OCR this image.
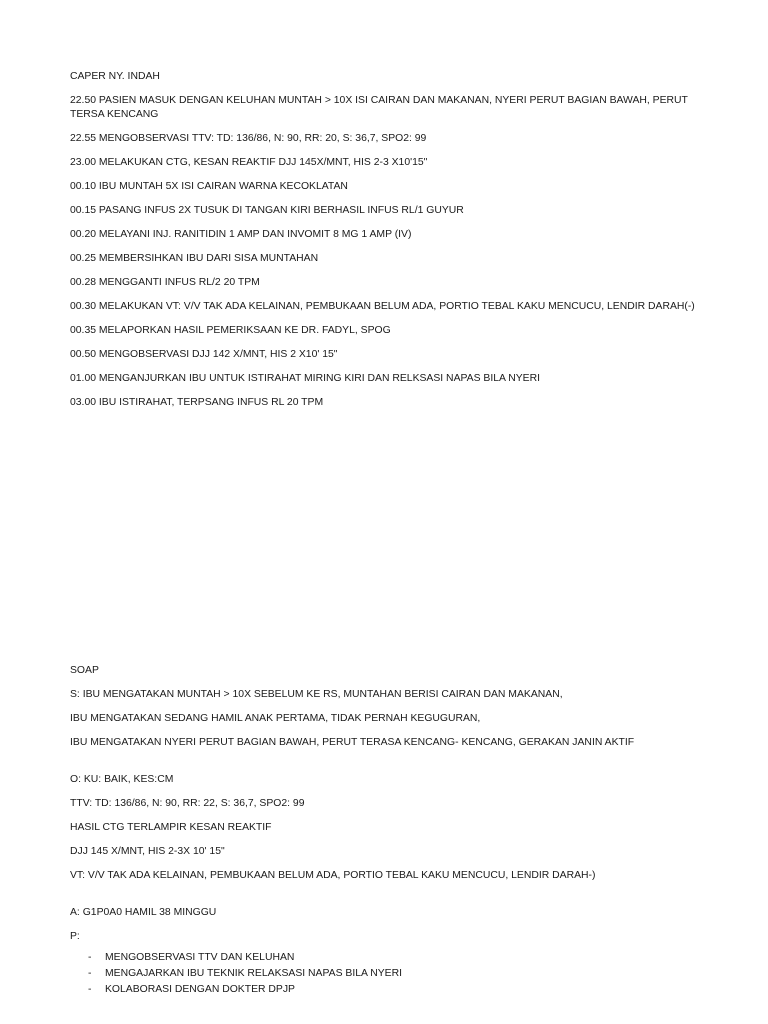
CAPER NY. INDAH

22.50 PASIEN MASUK DENGAN KELUHAN MUNTAH > 10X ISI CAIRAN DAN MAKANAN, NYERI PERUT BAGIAN BAWAH, PERUT TERSA KENCANG

22.55 MENGOBSERVASI TTV: TD: 136/86, N: 90, RR: 20, S: 36,7, SPO2: 99

23.00 MELAKUKAN CTG, KESAN REAKTIF DJJ 145X/MNT, HIS 2-3 X10'15"

00.10 IBU MUNTAH 5X ISI CAIRAN WARNA KECOKLATAN

00.15 PASANG INFUS 2X TUSUK DI TANGAN KIRI BERHASIL INFUS RL/1 GUYUR

00.20 MELAYANI INJ. RANITIDIN 1 AMP DAN INVOMIT 8 MG 1 AMP (IV)

00.25 MEMBERSIHKAN IBU DARI SISA MUNTAHAN

00.28 MENGGANTI INFUS RL/2 20 TPM

00.30 MELAKUKAN VT: V/V TAK ADA KELAINAN, PEMBUKAAN BELUM ADA, PORTIO TEBAL KAKU MENCUCU, LENDIR DARAH(-)

00.35 MELAPORKAN HASIL PEMERIKSAAN KE DR. FADYL, SPOG

00.50 MENGOBSERVASI DJJ 142 X/MNT, HIS 2 X10' 15"

01.00 MENGANJURKAN IBU UNTUK ISTIRAHAT MIRING KIRI DAN RELKSASI NAPAS BILA NYERI

03.00 IBU ISTIRAHAT, TERPSANG INFUS RL 20 TPM

SOAP

S: IBU MENGATAKAN MUNTAH > 10X SEBELUM KE RS, MUNTAHAN BERISI CAIRAN DAN MAKANAN,

IBU MENGATAKAN SEDANG HAMIL ANAK PERTAMA, TIDAK PERNAH KEGUGURAN,

IBU MENGATAKAN NYERI PERUT BAGIAN BAWAH, PERUT TERASA KENCANG- KENCANG, GERAKAN JANIN AKTIF

O: KU: BAIK, KES:CM

TTV: TD: 136/86, N: 90, RR: 22, S: 36,7, SPO2: 99

HASIL CTG TERLAMPIR KESAN REAKTIF

DJJ 145 X/MNT, HIS 2-3X 10' 15"

VT: V/V TAK ADA KELAINAN, PEMBUKAAN BELUM ADA, PORTIO TEBAL KAKU MENCUCU, LENDIR DARAH-)

A: G1P0A0 HAMIL 38 MINGGU

P:

- MENGOBSERVASI TTV DAN KELUHAN
- MENGAJARKAN IBU TEKNIK RELAKSASI NAPAS BILA NYERI
- KOLABORASI DENGAN DOKTER DPJP
